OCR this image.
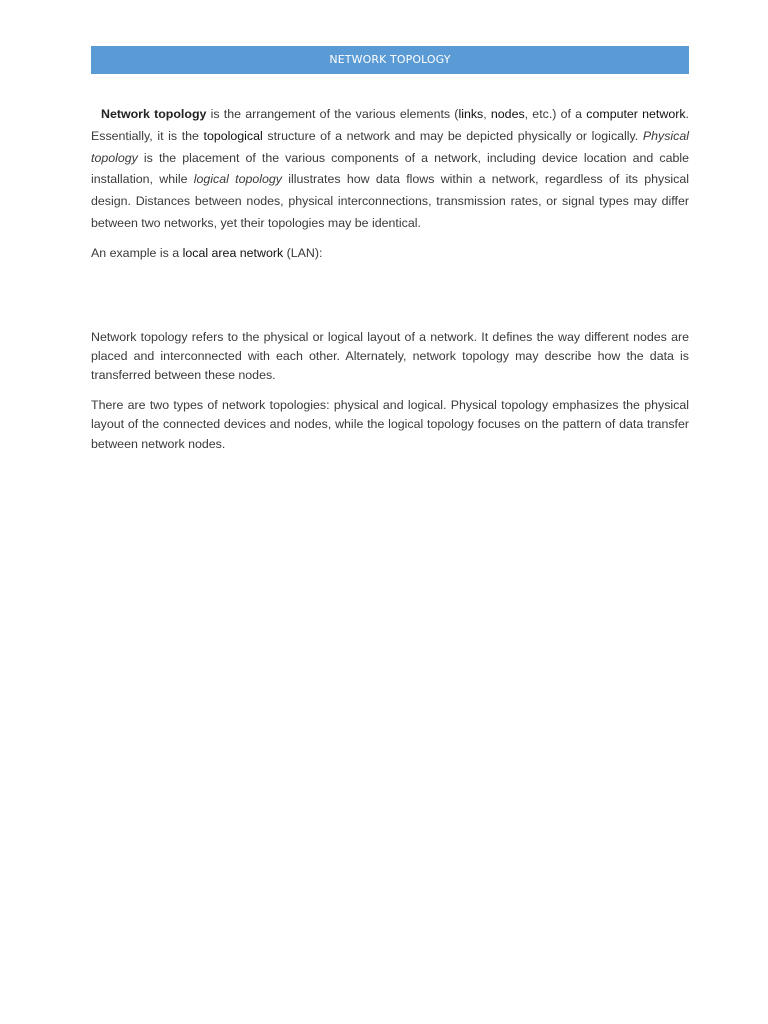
NETWORK TOPOLOGY

Network topology is the arrangement of the various elements (links, nodes, etc.) of a computer network. Essentially, it is the topological structure of a network and may be depicted physically or logically. Physical topology is the placement of the various components of a network, including device location and cable installation, while logical topology illustrates how data flows within a network, regardless of its physical design. Distances between nodes, physical interconnections, transmission rates, or signal types may differ between two networks, yet their topologies may be identical.

An example is a local area network (LAN):

Network topology refers to the physical or logical layout of a network. It defines the way different nodes are placed and interconnected with each other. Alternately, network topology may describe how the data is transferred between these nodes.

There are two types of network topologies: physical and logical. Physical topology emphasizes the physical layout of the connected devices and nodes, while the logical topology focuses on the pattern of data transfer between network nodes.
